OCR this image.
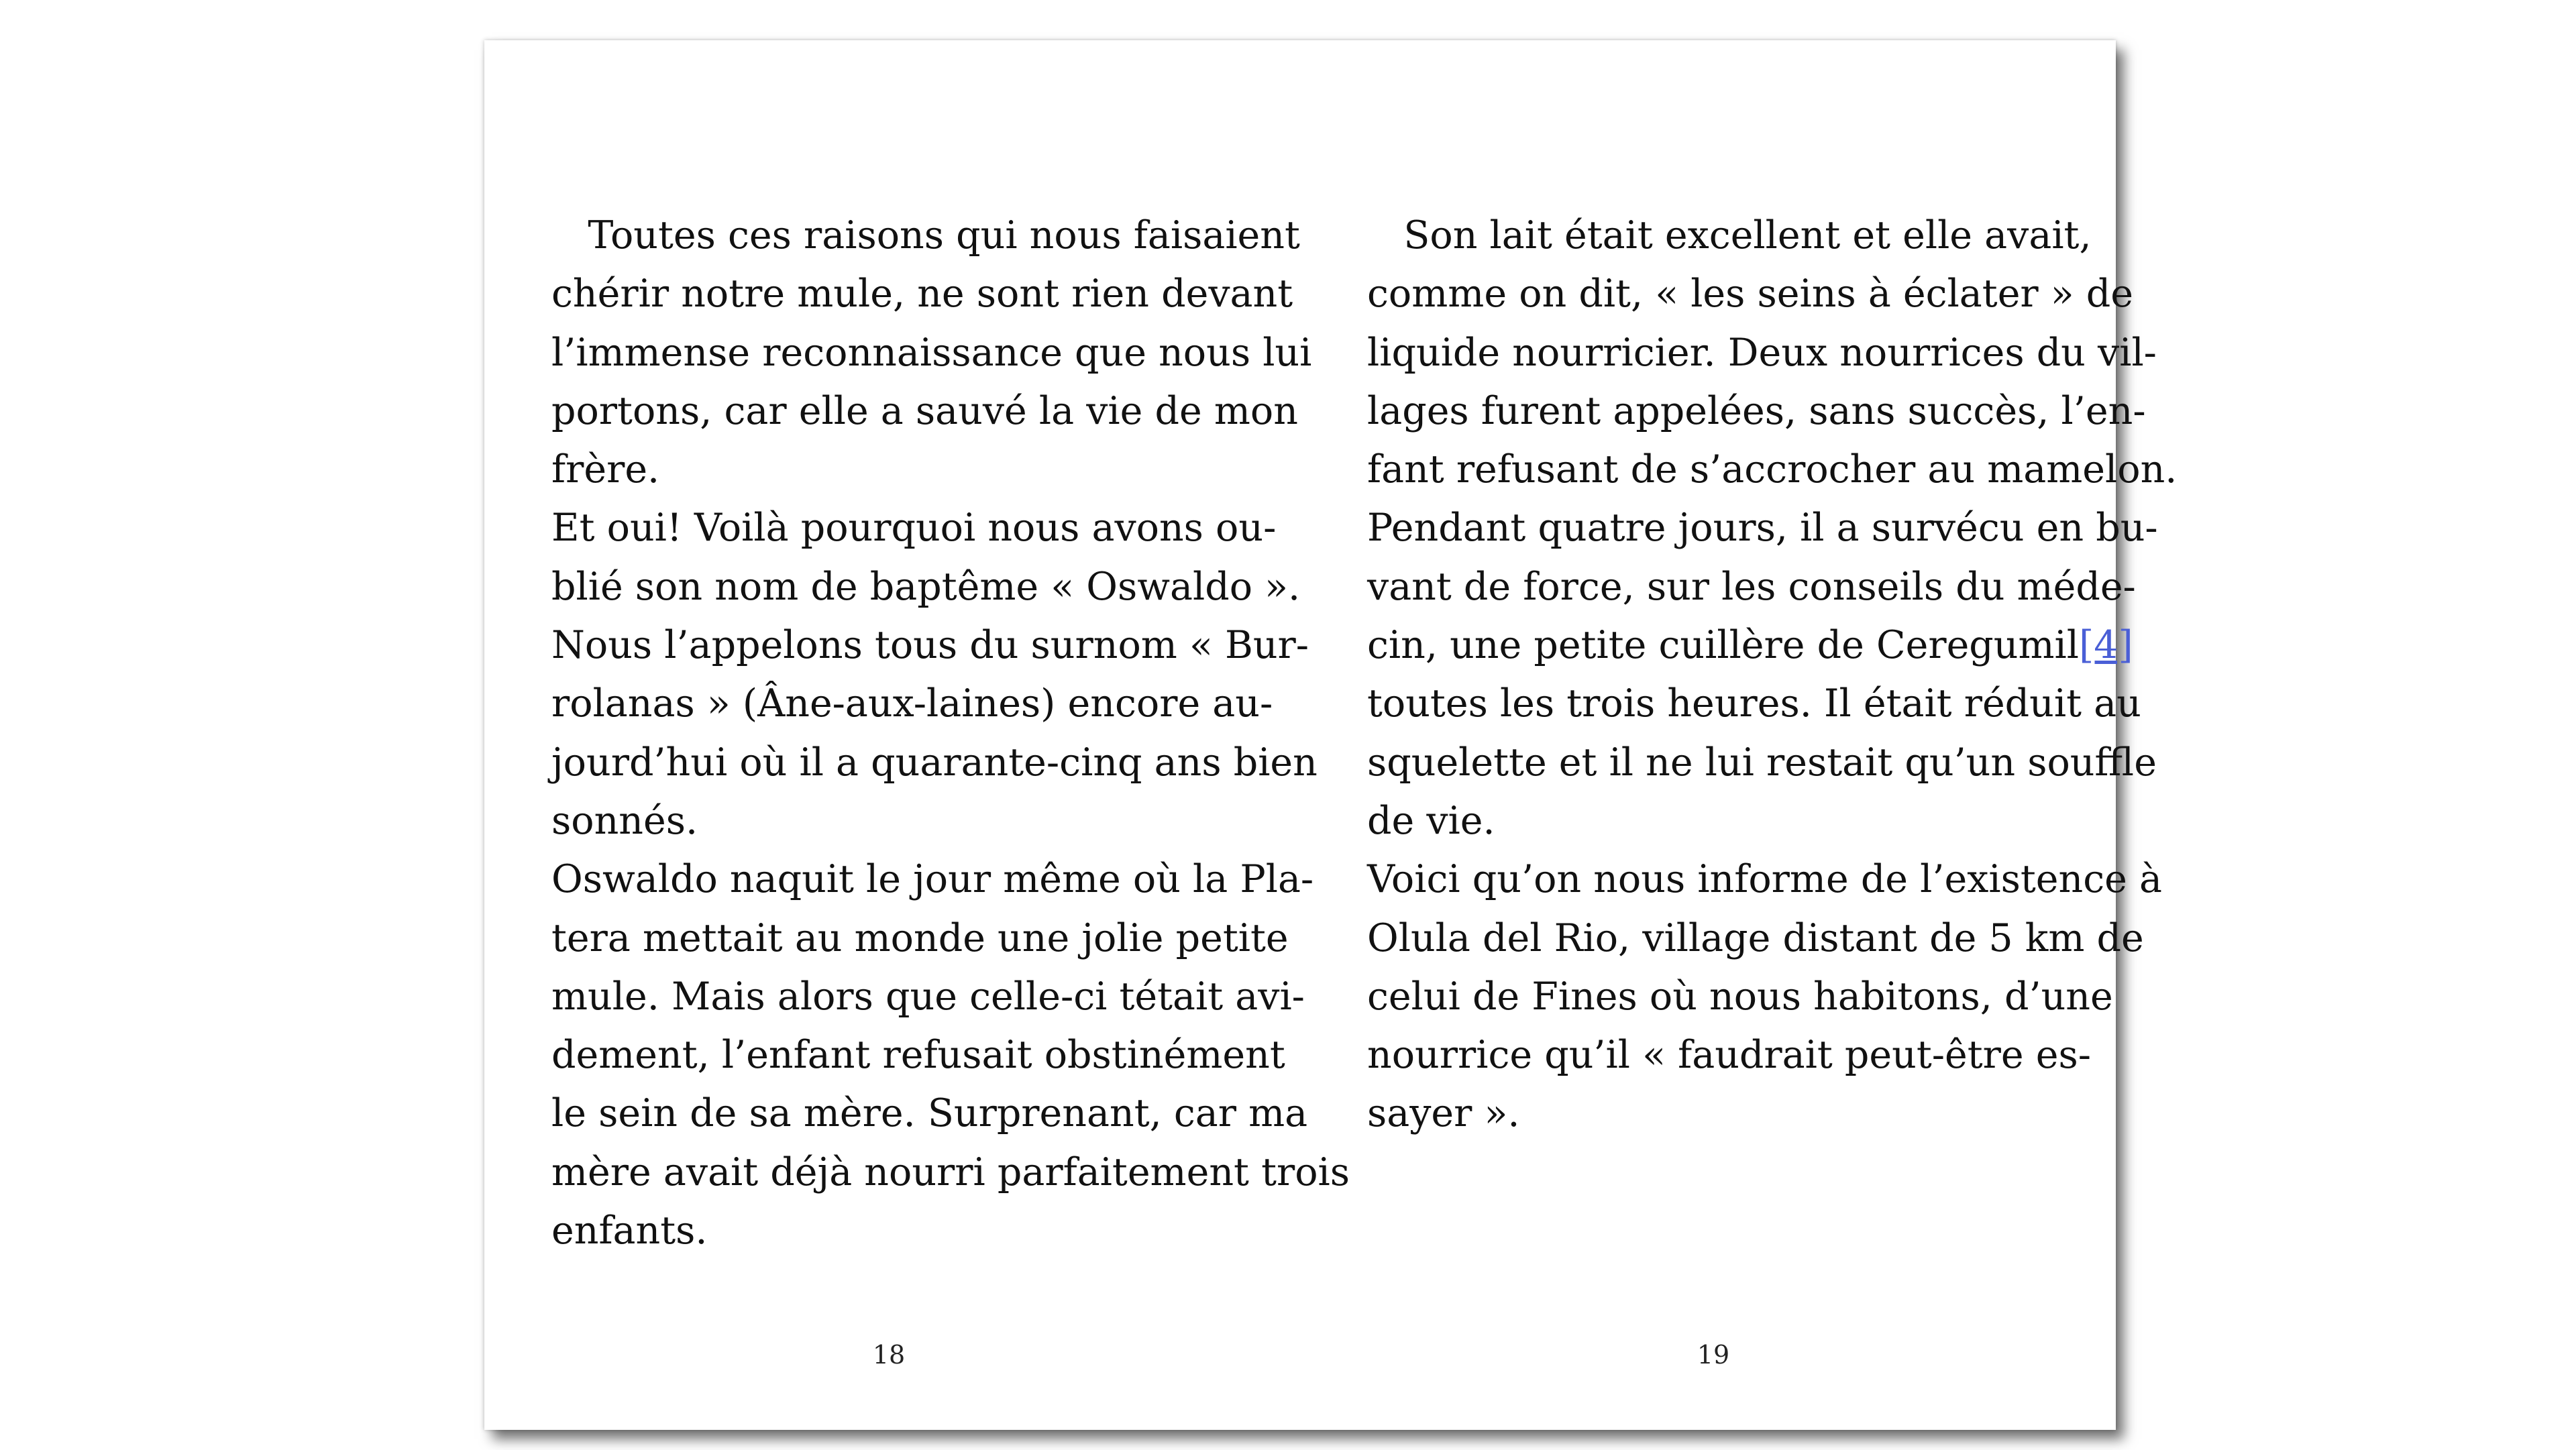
Toutes ces raisons qui nous faisaient
chérir notre mule, ne sont rien devant
l’immense reconnaissance que nous lui
portons, car elle a sauvé la vie de mon
frère.
Et oui! Voilà pourquoi nous avons ou-
blié son nom de baptême « Oswaldo ».
Nous l’appelons tous du surnom « Bur-
rolanas » (Âne-aux-laines) encore au-
jourd’hui où il a quarante-cinq ans bien
sonnés.
Oswaldo naquit le jour même où la Pla-
tera mettait au monde une jolie petite
mule. Mais alors que celle-ci tétait avi-
dement, l’enfant refusait obstinément
le sein de sa mère. Surprenant, car ma
mère avait déjà nourri parfaitement trois
enfants.
18
Son lait était excellent et elle avait,
comme on dit, « les seins à éclater » de
liquide nourricier. Deux nourrices du vil-
lages furent appelées, sans succès, l’en-
fant refusant de s’accrocher au mamelon.
Pendant quatre jours, il a survécu en bu-
vant de force, sur les conseils du méde-
cin, une petite cuillère de Ceregumil[4]
toutes les trois heures. Il était réduit au
squelette et il ne lui restait qu’un souffle
de vie.
Voici qu’on nous informe de l’existence à
Olula del Rio, village distant de 5 km de
celui de Fines où nous habitons, d’une
nourrice qu’il « faudrait peut-être es-
sayer ».
19
